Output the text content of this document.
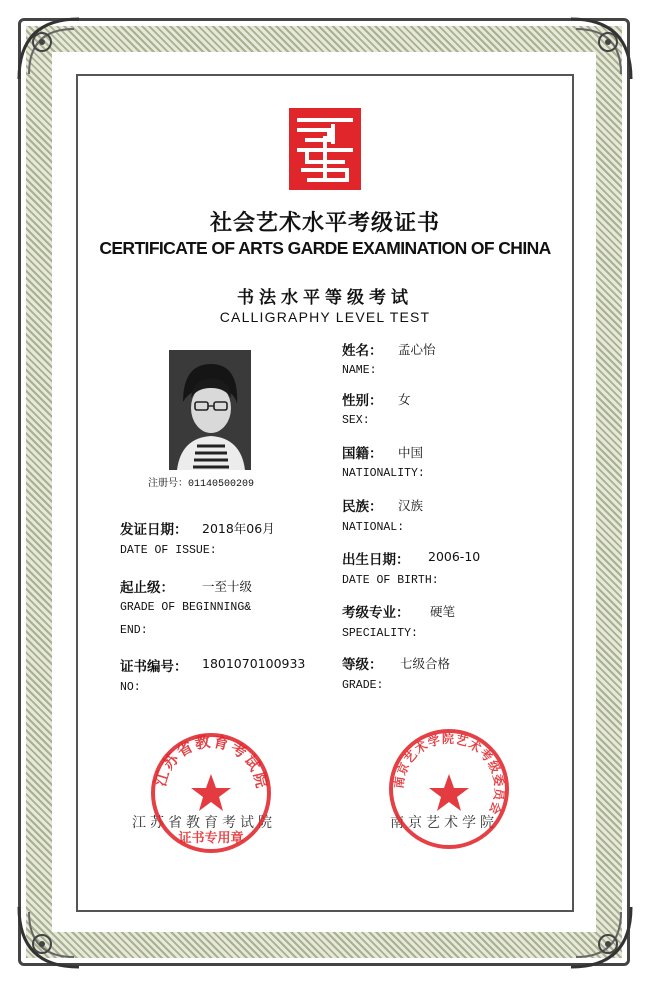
社会艺术水平考级证书
CERTIFICATE OF ARTS GARDE EXAMINATION OF CHINA
书法水平等级考试
CALLIGRAPHY LEVEL TEST
注册号：01140500209
姓名： 孟心怡
NAME:
性别： 女
SEX:
国籍： 中国
NATIONALITY:
民族： 汉族
NATIONAL:
出生日期： 2006-10
DATE OF BIRTH:
考级专业： 硬笔
SPECIALITY:
等级： 七级合格
GRADE:
发证日期： 2018年06月
DATE OF ISSUE:
起止级： 一至十级
GRADE OF BEGINNING&
END:
证书编号： 1801070100933
NO:
江苏省教育考试院	南京艺术学院
江苏省教育考试院
证书专用章
南京艺术学院艺术考级委员会
